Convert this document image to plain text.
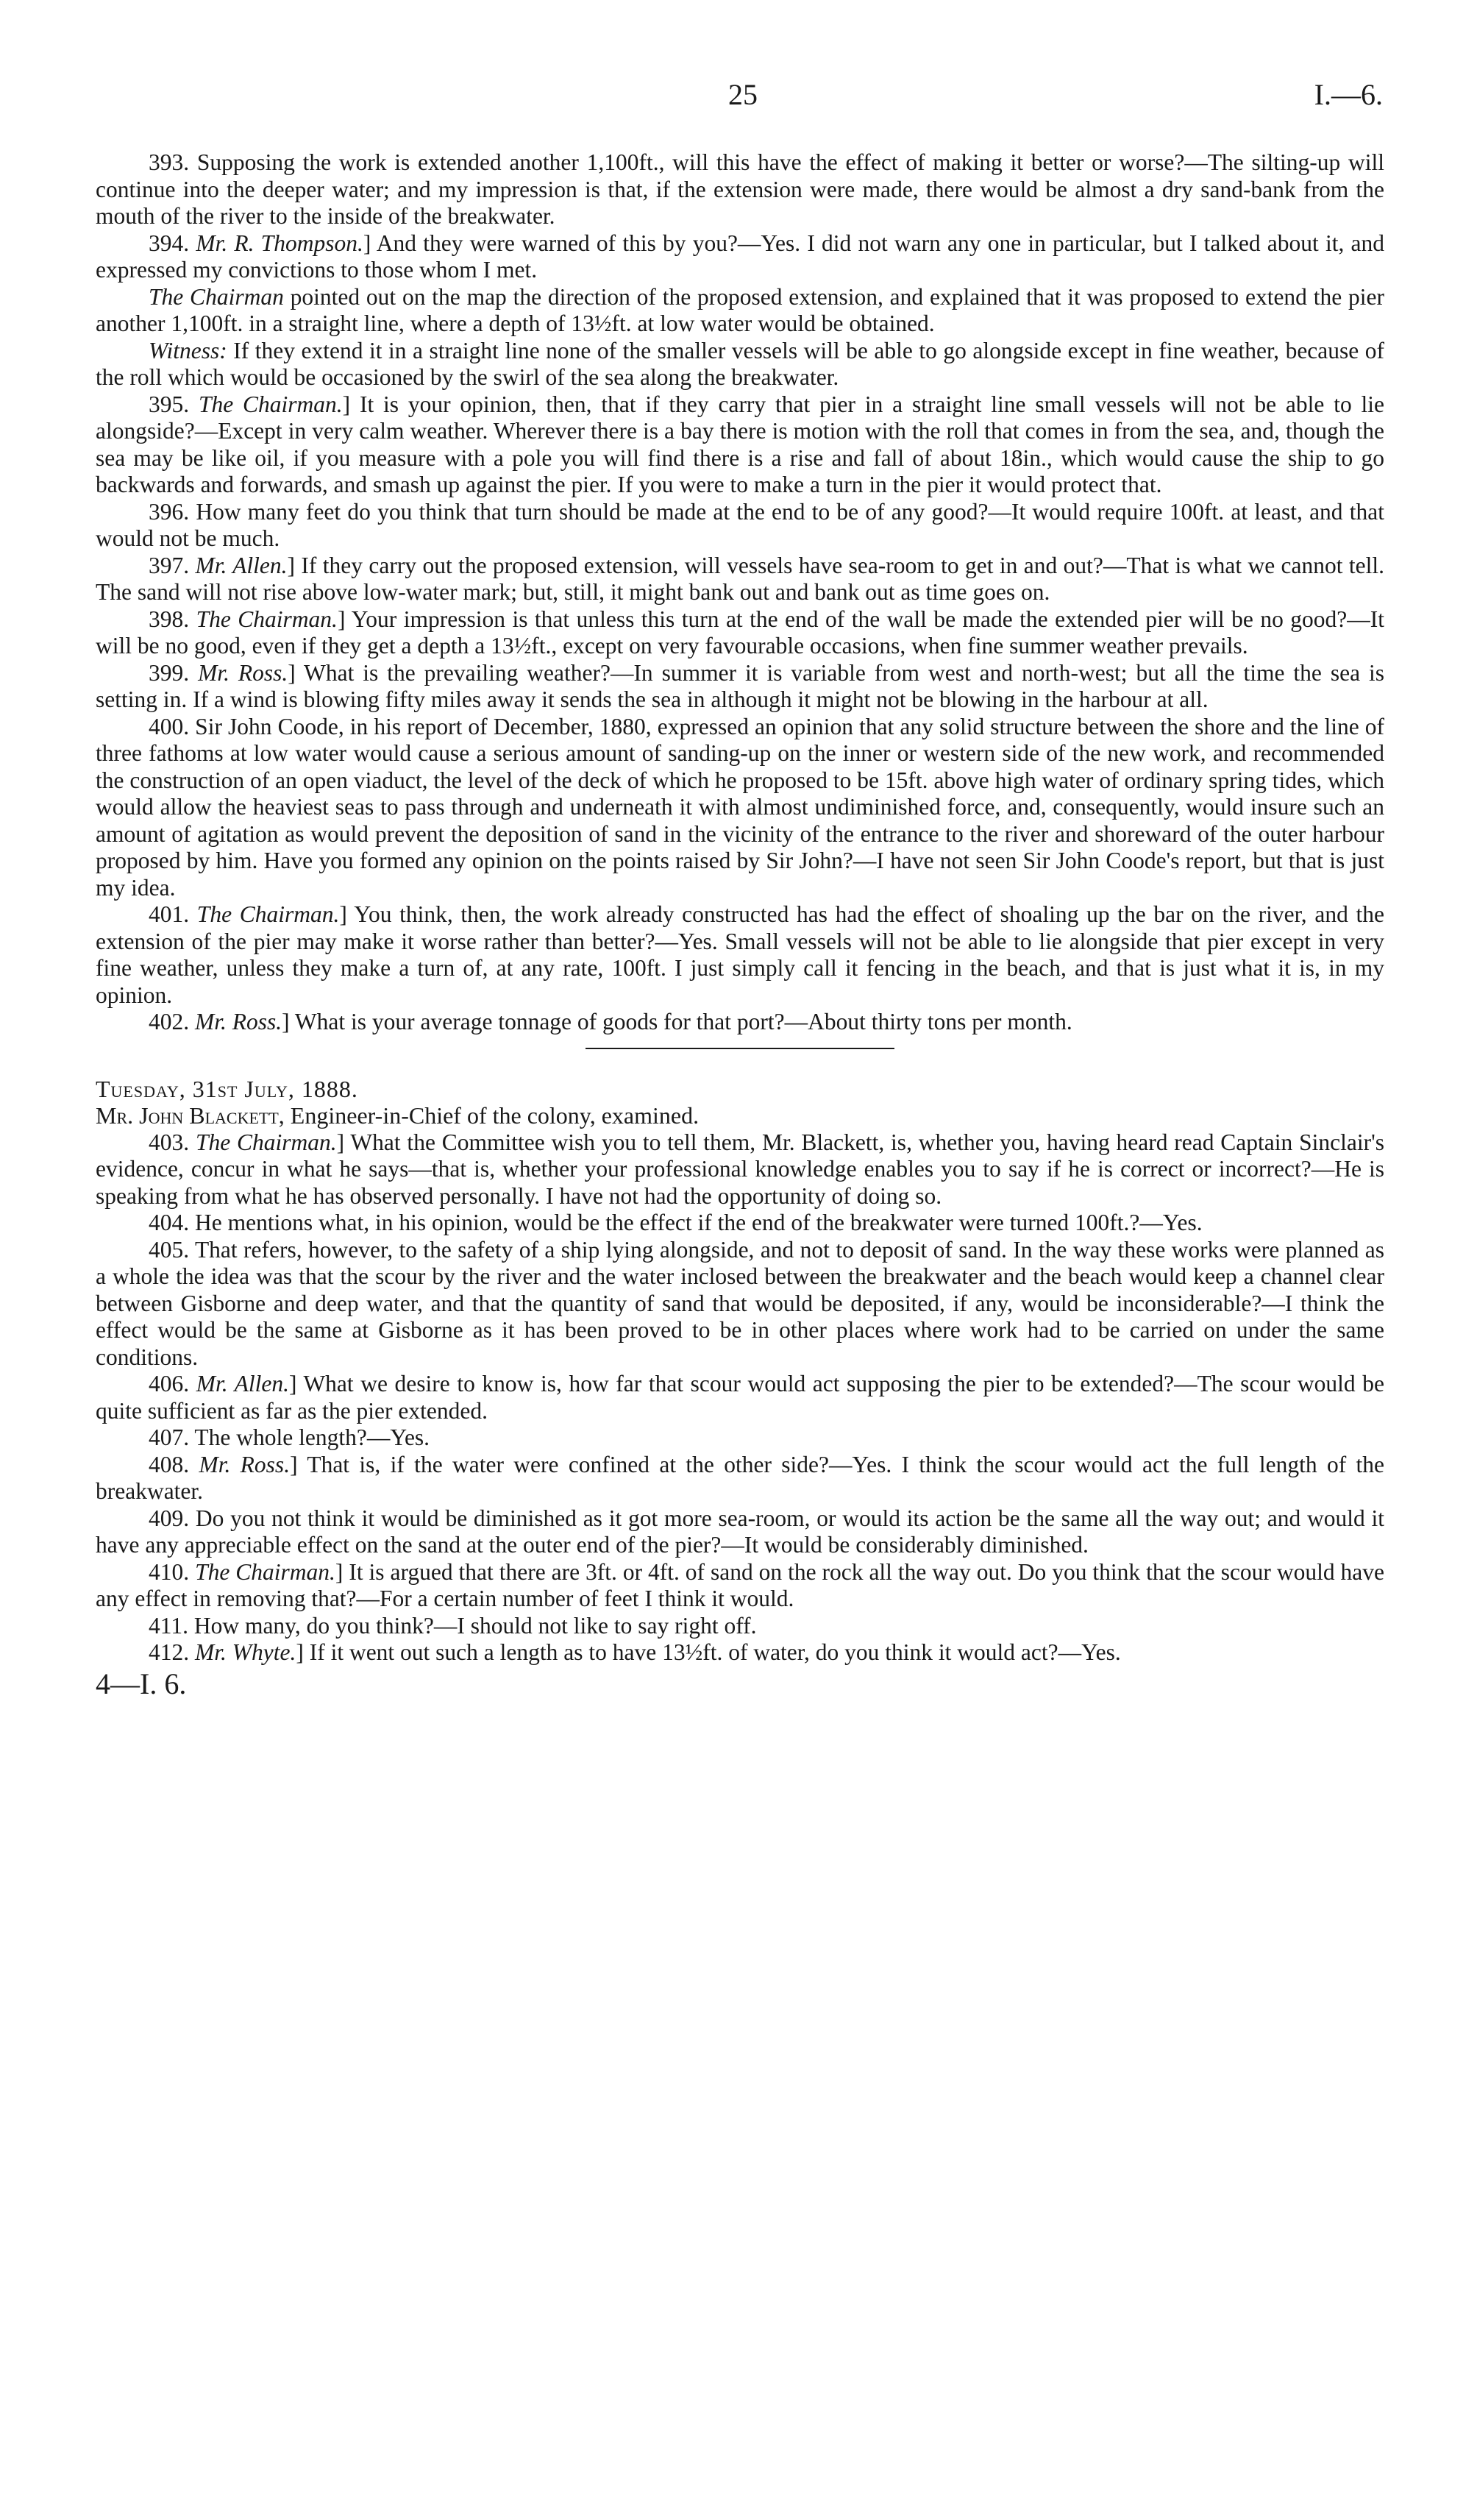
25	I.—6.

393. Supposing the work is extended another 1,100ft., will this have the effect of making it better or worse?—The silting-up will continue into the deeper water; and my impression is that, if the extension were made, there would be almost a dry sand-bank from the mouth of the river to the inside of the breakwater.

394. Mr. R. Thompson.] And they were warned of this by you?—Yes. I did not warn any one in particular, but I talked about it, and expressed my convictions to those whom I met.

The Chairman pointed out on the map the direction of the proposed extension, and explained that it was proposed to extend the pier another 1,100ft. in a straight line, where a depth of 13½ft. at low water would be obtained.

Witness: If they extend it in a straight line none of the smaller vessels will be able to go alongside except in fine weather, because of the roll which would be occasioned by the swirl of the sea along the breakwater.

395. The Chairman.] It is your opinion, then, that if they carry that pier in a straight line small vessels will not be able to lie alongside?—Except in very calm weather. Wherever there is a bay there is motion with the roll that comes in from the sea, and, though the sea may be like oil, if you measure with a pole you will find there is a rise and fall of about 18in., which would cause the ship to go backwards and forwards, and smash up against the pier. If you were to make a turn in the pier it would protect that.

396. How many feet do you think that turn should be made at the end to be of any good?—It would require 100ft. at least, and that would not be much.

397. Mr. Allen.] If they carry out the proposed extension, will vessels have sea-room to get in and out?—That is what we cannot tell. The sand will not rise above low-water mark; but, still, it might bank out and bank out as time goes on.

398. The Chairman.] Your impression is that unless this turn at the end of the wall be made the extended pier will be no good?—It will be no good, even if they get a depth a 13½ft., except on very favourable occasions, when fine summer weather prevails.

399. Mr. Ross.] What is the prevailing weather?—In summer it is variable from west and north-west; but all the time the sea is setting in. If a wind is blowing fifty miles away it sends the sea in although it might not be blowing in the harbour at all.

400. Sir John Coode, in his report of December, 1880, expressed an opinion that any solid structure between the shore and the line of three fathoms at low water would cause a serious amount of sanding-up on the inner or western side of the new work, and recommended the construction of an open viaduct, the level of the deck of which he proposed to be 15ft. above high water of ordinary spring tides, which would allow the heaviest seas to pass through and underneath it with almost undiminished force, and, consequently, would insure such an amount of agitation as would prevent the deposition of sand in the vicinity of the entrance to the river and shoreward of the outer harbour proposed by him. Have you formed any opinion on the points raised by Sir John?—I have not seen Sir John Coode's report, but that is just my idea.

401. The Chairman.] You think, then, the work already constructed has had the effect of shoaling up the bar on the river, and the extension of the pier may make it worse rather than better?—Yes. Small vessels will not be able to lie alongside that pier except in very fine weather, unless they make a turn of, at any rate, 100ft. I just simply call it fencing in the beach, and that is just what it is, in my opinion.

402. Mr. Ross.] What is your average tonnage of goods for that port?—About thirty tons per month.

Tuesday, 31st July, 1888.

Mr. John Blackett, Engineer-in-Chief of the colony, examined.

403. The Chairman.] What the Committee wish you to tell them, Mr. Blackett, is, whether you, having heard read Captain Sinclair's evidence, concur in what he says—that is, whether your professional knowledge enables you to say if he is correct or incorrect?—He is speaking from what he has observed personally. I have not had the opportunity of doing so.

404. He mentions what, in his opinion, would be the effect if the end of the breakwater were turned 100ft.?—Yes.

405. That refers, however, to the safety of a ship lying alongside, and not to deposit of sand. In the way these works were planned as a whole the idea was that the scour by the river and the water inclosed between the breakwater and the beach would keep a channel clear between Gisborne and deep water, and that the quantity of sand that would be deposited, if any, would be inconsiderable?—I think the effect would be the same at Gisborne as it has been proved to be in other places where work had to be carried on under the same conditions.

406. Mr. Allen.] What we desire to know is, how far that scour would act supposing the pier to be extended?—The scour would be quite sufficient as far as the pier extended.

407. The whole length?—Yes.

408. Mr. Ross.] That is, if the water were confined at the other side?—Yes. I think the scour would act the full length of the breakwater.

409. Do you not think it would be diminished as it got more sea-room, or would its action be the same all the way out; and would it have any appreciable effect on the sand at the outer end of the pier?—It would be considerably diminished.

410. The Chairman.] It is argued that there are 3ft. or 4ft. of sand on the rock all the way out. Do you think that the scour would have any effect in removing that?—For a certain number of feet I think it would.

411. How many, do you think?—I should not like to say right off.

412. Mr. Whyte.] If it went out such a length as to have 13½ft. of water, do you think it would act?—Yes.

4—I. 6.
